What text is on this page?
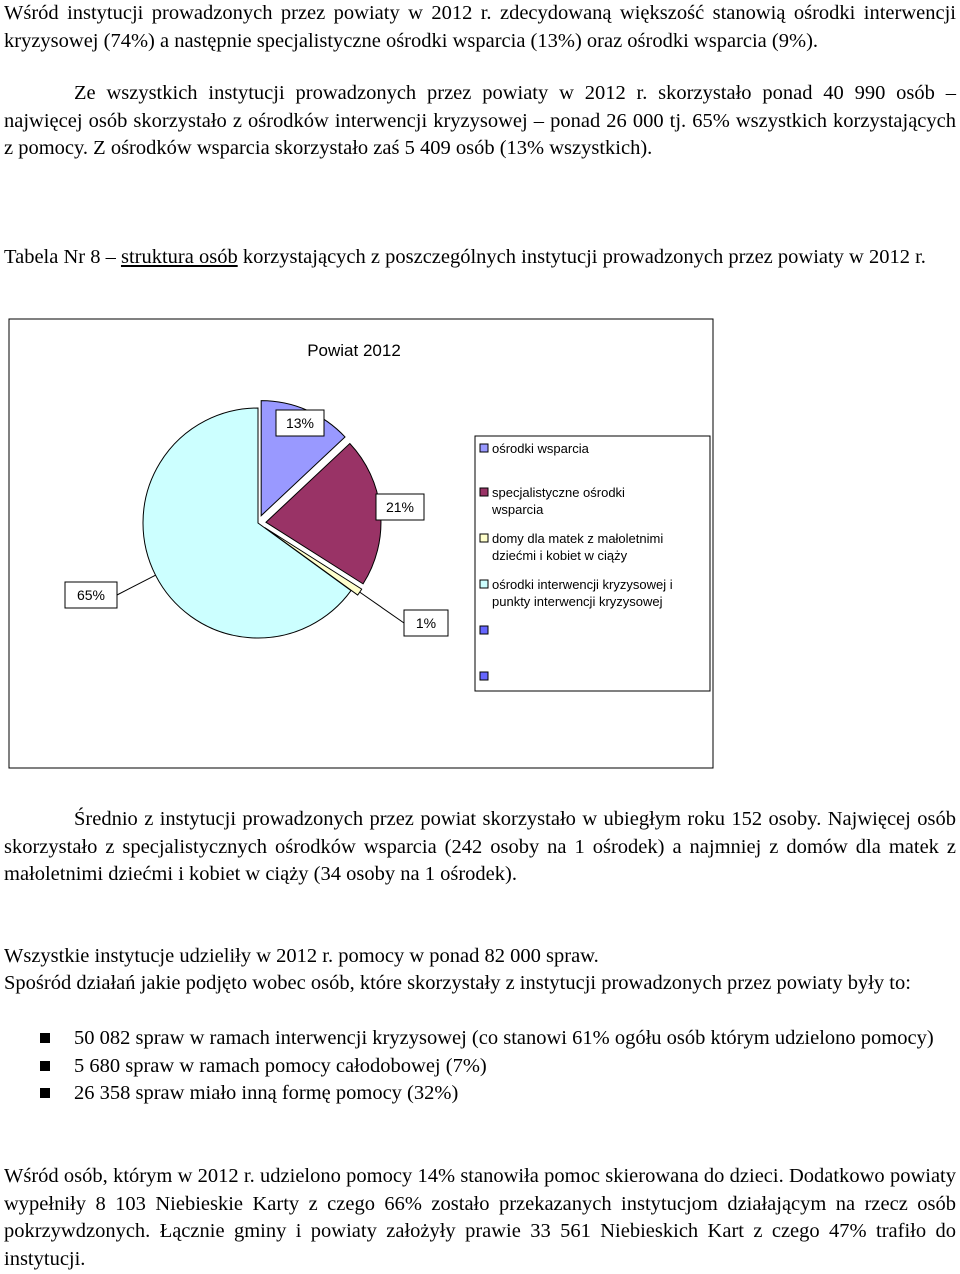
Wśród instytucji prowadzonych przez powiaty w 2012 r. zdecydowaną większość stanowią ośrodki interwencji kryzysowej (74%) a następnie specjalistyczne ośrodki wsparcia (13%) oraz ośrodki wsparcia (9%).
Ze wszystkich instytucji prowadzonych przez powiaty w 2012 r. skorzystało ponad 40 990 osób – najwięcej osób skorzystało z ośrodków interwencji kryzysowej – ponad 26 000 tj. 65% wszystkich korzystających z pomocy. Z ośrodków wsparcia skorzystało zaś 5 409 osób (13% wszystkich).
Tabela Nr 8 – struktura osób korzystających z poszczególnych instytucji prowadzonych przez powiaty w 2012 r.
Powiat 2012
13%
21%
1%
65%
ośrodki wsparcia
specjalistyczne ośrodki
wsparcia
domy dla matek z małoletnimi
dziećmi i kobiet w ciąży
ośrodki interwencji kryzysowej i
punkty interwencji kryzysowej
Średnio z instytucji prowadzonych przez powiat skorzystało w ubiegłym roku 152 osoby. Najwięcej osób skorzystało z specjalistycznych ośrodków wsparcia (242 osoby na 1 ośrodek) a najmniej z domów dla matek z małoletnimi dziećmi i kobiet w ciąży (34 osoby na 1 ośrodek).
Wszystkie instytucje udzieliły w 2012 r. pomocy w ponad 82 000 spraw.
Spośród działań jakie podjęto wobec osób, które skorzystały z instytucji prowadzonych przez powiaty były to:
50 082 spraw w ramach interwencji kryzysowej (co stanowi 61% ogółu osób którym udzielono pomocy)
5 680 spraw w ramach pomocy całodobowej (7%)
26 358 spraw miało inną formę pomocy (32%)
Wśród osób, którym w 2012 r. udzielono pomocy 14% stanowiła pomoc skierowana do dzieci. Dodatkowo powiaty wypełniły 8 103 Niebieskie Karty z czego 66% zostało przekazanych instytucjom działającym na rzecz osób pokrzywdzonych. Łącznie gminy i powiaty założyły prawie 33 561 Niebieskich Kart z czego 47% trafiło do instytucji.
